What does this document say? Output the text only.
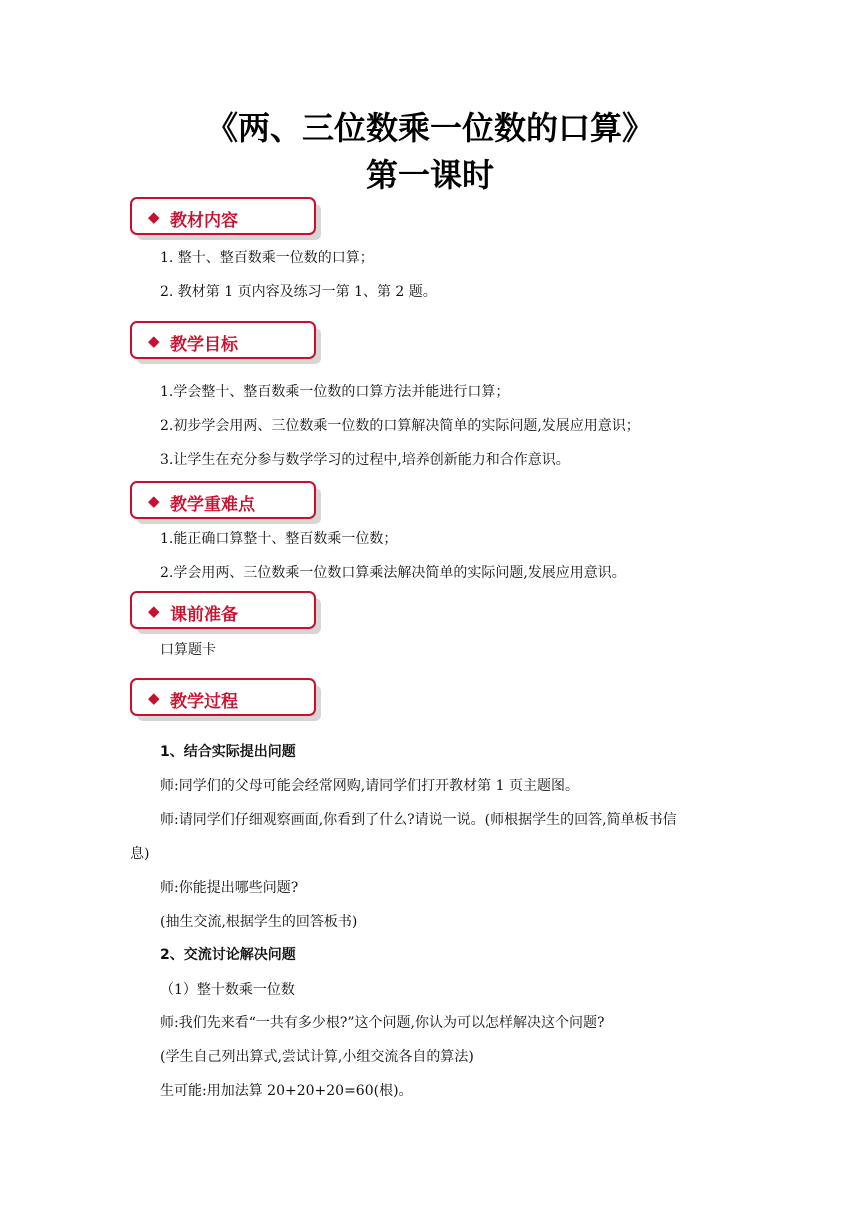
《两、三位数乘一位数的口算》
第一课时
◆ 教材内容
1. 整十、整百数乘一位数的口算；
2. 教材第 1 页内容及练习一第 1、第 2 题。
◆ 教学目标
1.学会整十、整百数乘一位数的口算方法并能进行口算；
2.初步学会用两、三位数乘一位数的口算解决简单的实际问题,发展应用意识；
3.让学生在充分参与数学学习的过程中,培养创新能力和合作意识。
◆ 教学重难点
1.能正确口算整十、整百数乘一位数；
2.学会用两、三位数乘一位数口算乘法解决简单的实际问题,发展应用意识。
◆ 课前准备
口算题卡
◆ 教学过程
1、结合实际提出问题
师:同学们的父母可能会经常网购,请同学们打开教材第 1 页主题图。
师:请同学们仔细观察画面,你看到了什么?请说一说。(师根据学生的回答,简单板书信
息)
师:你能提出哪些问题?
(抽生交流,根据学生的回答板书)
2、交流讨论解决问题
（1）整十数乘一位数
师:我们先来看“一共有多少根?”这个问题,你认为可以怎样解决这个问题?
(学生自己列出算式,尝试计算,小组交流各自的算法)
生可能:用加法算 20+20+20=60(根)。
